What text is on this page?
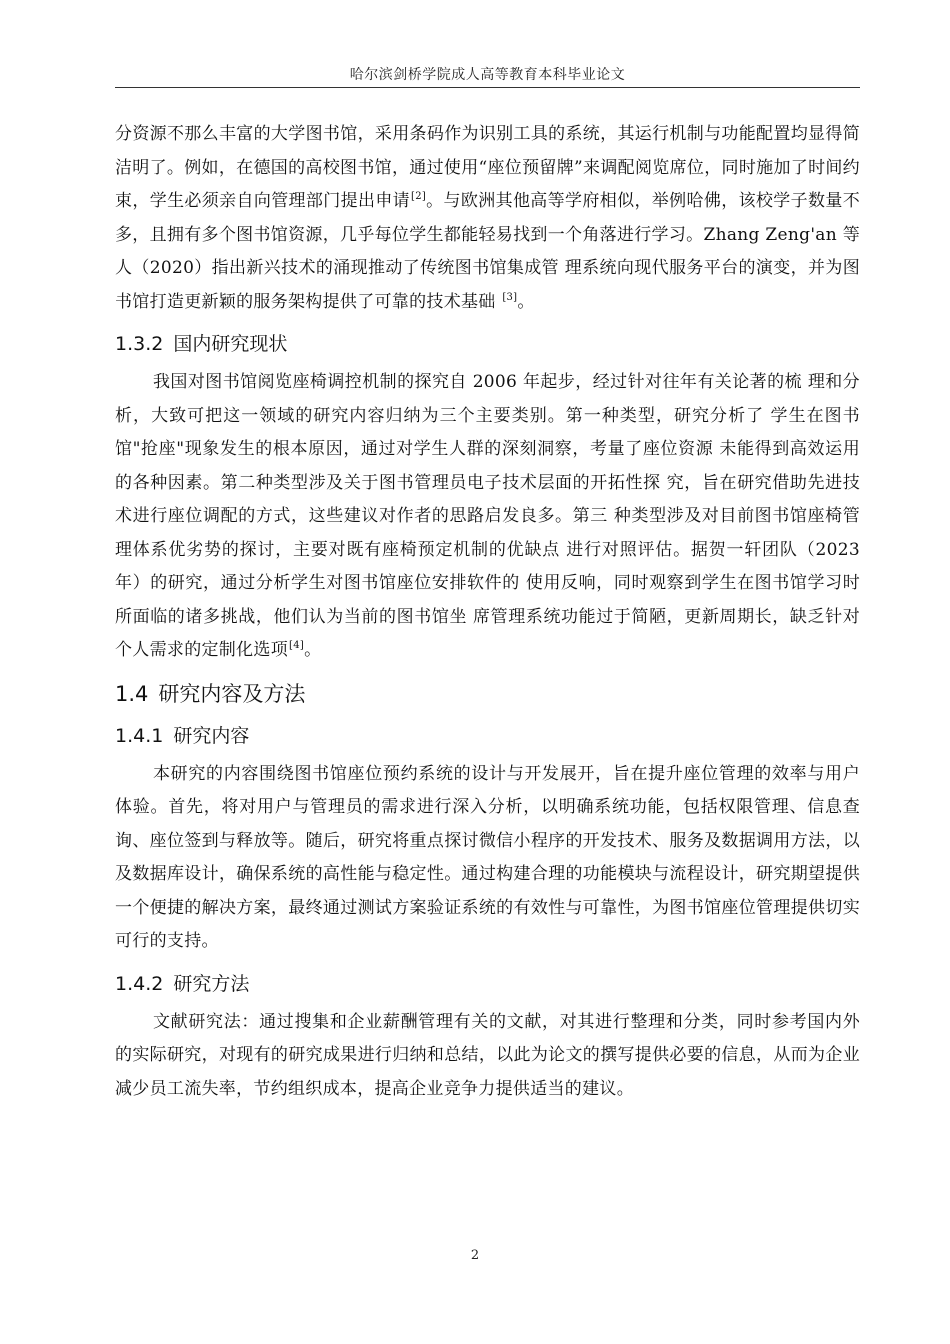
哈尔滨剑桥学院成人高等教育本科毕业论文

分资源不那么丰富的大学图书馆，采用条码作为识别工具的系统，其运行机制与功能配置均显得简洁明了。例如，在德国的高校图书馆，通过使用“座位预留牌”来调配阅览席位，同时施加了时间约束，学生必须亲自向管理部门提出申请[2]。与欧洲其他高等学府相似，举例哈佛，该校学子数量不多，且拥有多个图书馆资源，几乎每位学生都能轻易找到一个角落进行学习。Zhang Zeng'an 等人（2020）指出新兴技术的涌现推动了传统图书馆集成管 理系统向现代服务平台的演变，并为图书馆打造更新颖的服务架构提供了可靠的技术基础 [3]。

1.3.2 国内研究现状

我国对图书馆阅览座椅调控机制的探究自 2006 年起步，经过针对往年有关论著的梳 理和分析，大致可把这一领域的研究内容归纳为三个主要类别。第一种类型，研究分析了 学生在图书馆"抢座"现象发生的根本原因，通过对学生人群的深刻洞察，考量了座位资源 未能得到高效运用的各种因素。第二种类型涉及关于图书管理员电子技术层面的开拓性探 究，旨在研究借助先进技术进行座位调配的方式，这些建议对作者的思路启发良多。第三 种类型涉及对目前图书馆座椅管理体系优劣势的探讨，主要对既有座椅预定机制的优缺点 进行对照评估。据贺一轩团队（2023 年）的研究，通过分析学生对图书馆座位安排软件的 使用反响，同时观察到学生在图书馆学习时所面临的诸多挑战，他们认为当前的图书馆坐 席管理系统功能过于简陋，更新周期长，缺乏针对个人需求的定制化选项[4]。

1.4 研究内容及方法
1.4.1 研究内容

本研究的内容围绕图书馆座位预约系统的设计与开发展开，旨在提升座位管理的效率与用户体验。首先，将对用户与管理员的需求进行深入分析，以明确系统功能，包括权限管理、信息查询、座位签到与释放等。随后，研究将重点探讨微信小程序的开发技术、服务及数据调用方法，以及数据库设计，确保系统的高性能与稳定性。通过构建合理的功能模块与流程设计，研究期望提供一个便捷的解决方案，最终通过测试方案验证系统的有效性与可靠性，为图书馆座位管理提供切实可行的支持。

1.4.2 研究方法

文献研究法：通过搜集和企业薪酬管理有关的文献，对其进行整理和分类，同时参考国内外的实际研究，对现有的研究成果进行归纳和总结，以此为论文的撰写提供必要的信息，从而为企业减少员工流失率，节约组织成本，提高企业竞争力提供适当的建议。

2
